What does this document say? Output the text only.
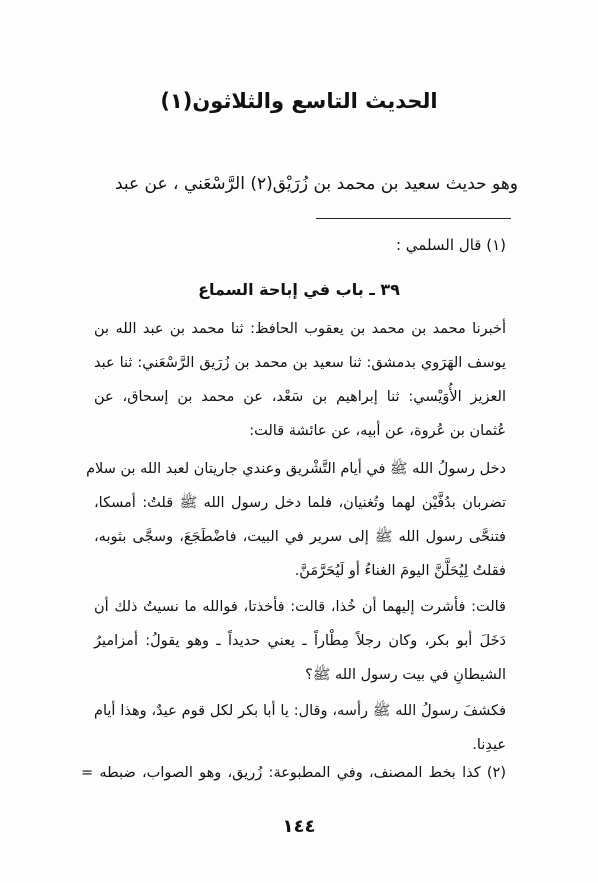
الحديث التاسع والثلاثون(١)
وهو حديث سعيد بن محمد بن زُرَيْق(٢) الرَّسْعَني ، عن عبد
(١) قال السلمي :
٣٩ ـ باب في إباحة السماع
أخبرنا محمد بن محمد بن يعقوب الحافظ: ثنا محمد بن عبد الله بن
يوسف الهَرَوي بدمشق: ثنا سعيد بن محمد بن زُرَيق الرَّسْعَني: ثنا عبد
العزيز الأُوَيْسي: ثنا إبراهيم بن سَعْد، عن محمد بن إسحاق، عن
عُثمان بن عُروة، عن أبيه، عن عائشة قالت:
دخل رسولُ الله ﷺ في أيام التَّشْريق وعندي جاريتان لعبد الله بن سلام
تضربان بدُفَّيْن لهما وتُغنيان، فلما دخل رسول الله ﷺ قلتُ: أمسكا،
فتنحَّى رسول الله ﷺ إلى سرير في البيت، فاضْطَجَعَ، وسجَّى بثوبه،
فقلتُ لِيُحَلَّنَّ اليومَ الغناءُ أو لَيُحَرَّمَنَّ.
قالت: فأشرت إليهما أن خُذا، قالت: فأخذتا، فوالله ما نسيتُ ذلك أن
دَخَلَ أبو بكر، وكان رجلاً مِطْاراً ـ يعني حديداً ـ وهو يقولُ: أمزاميرُ
الشيطانِ في بيت رسول الله ﷺ؟
فكشفَ رسولُ الله ﷺ رأسه، وقال: يا أبا بكر لكل قوم عيدٌ، وهذا أيام
عيدِنا.
(٢) كذا بخط المصنف، وفي المطبوعة: زُريق، وهو الصواب، ضبطه =
١٤٤
